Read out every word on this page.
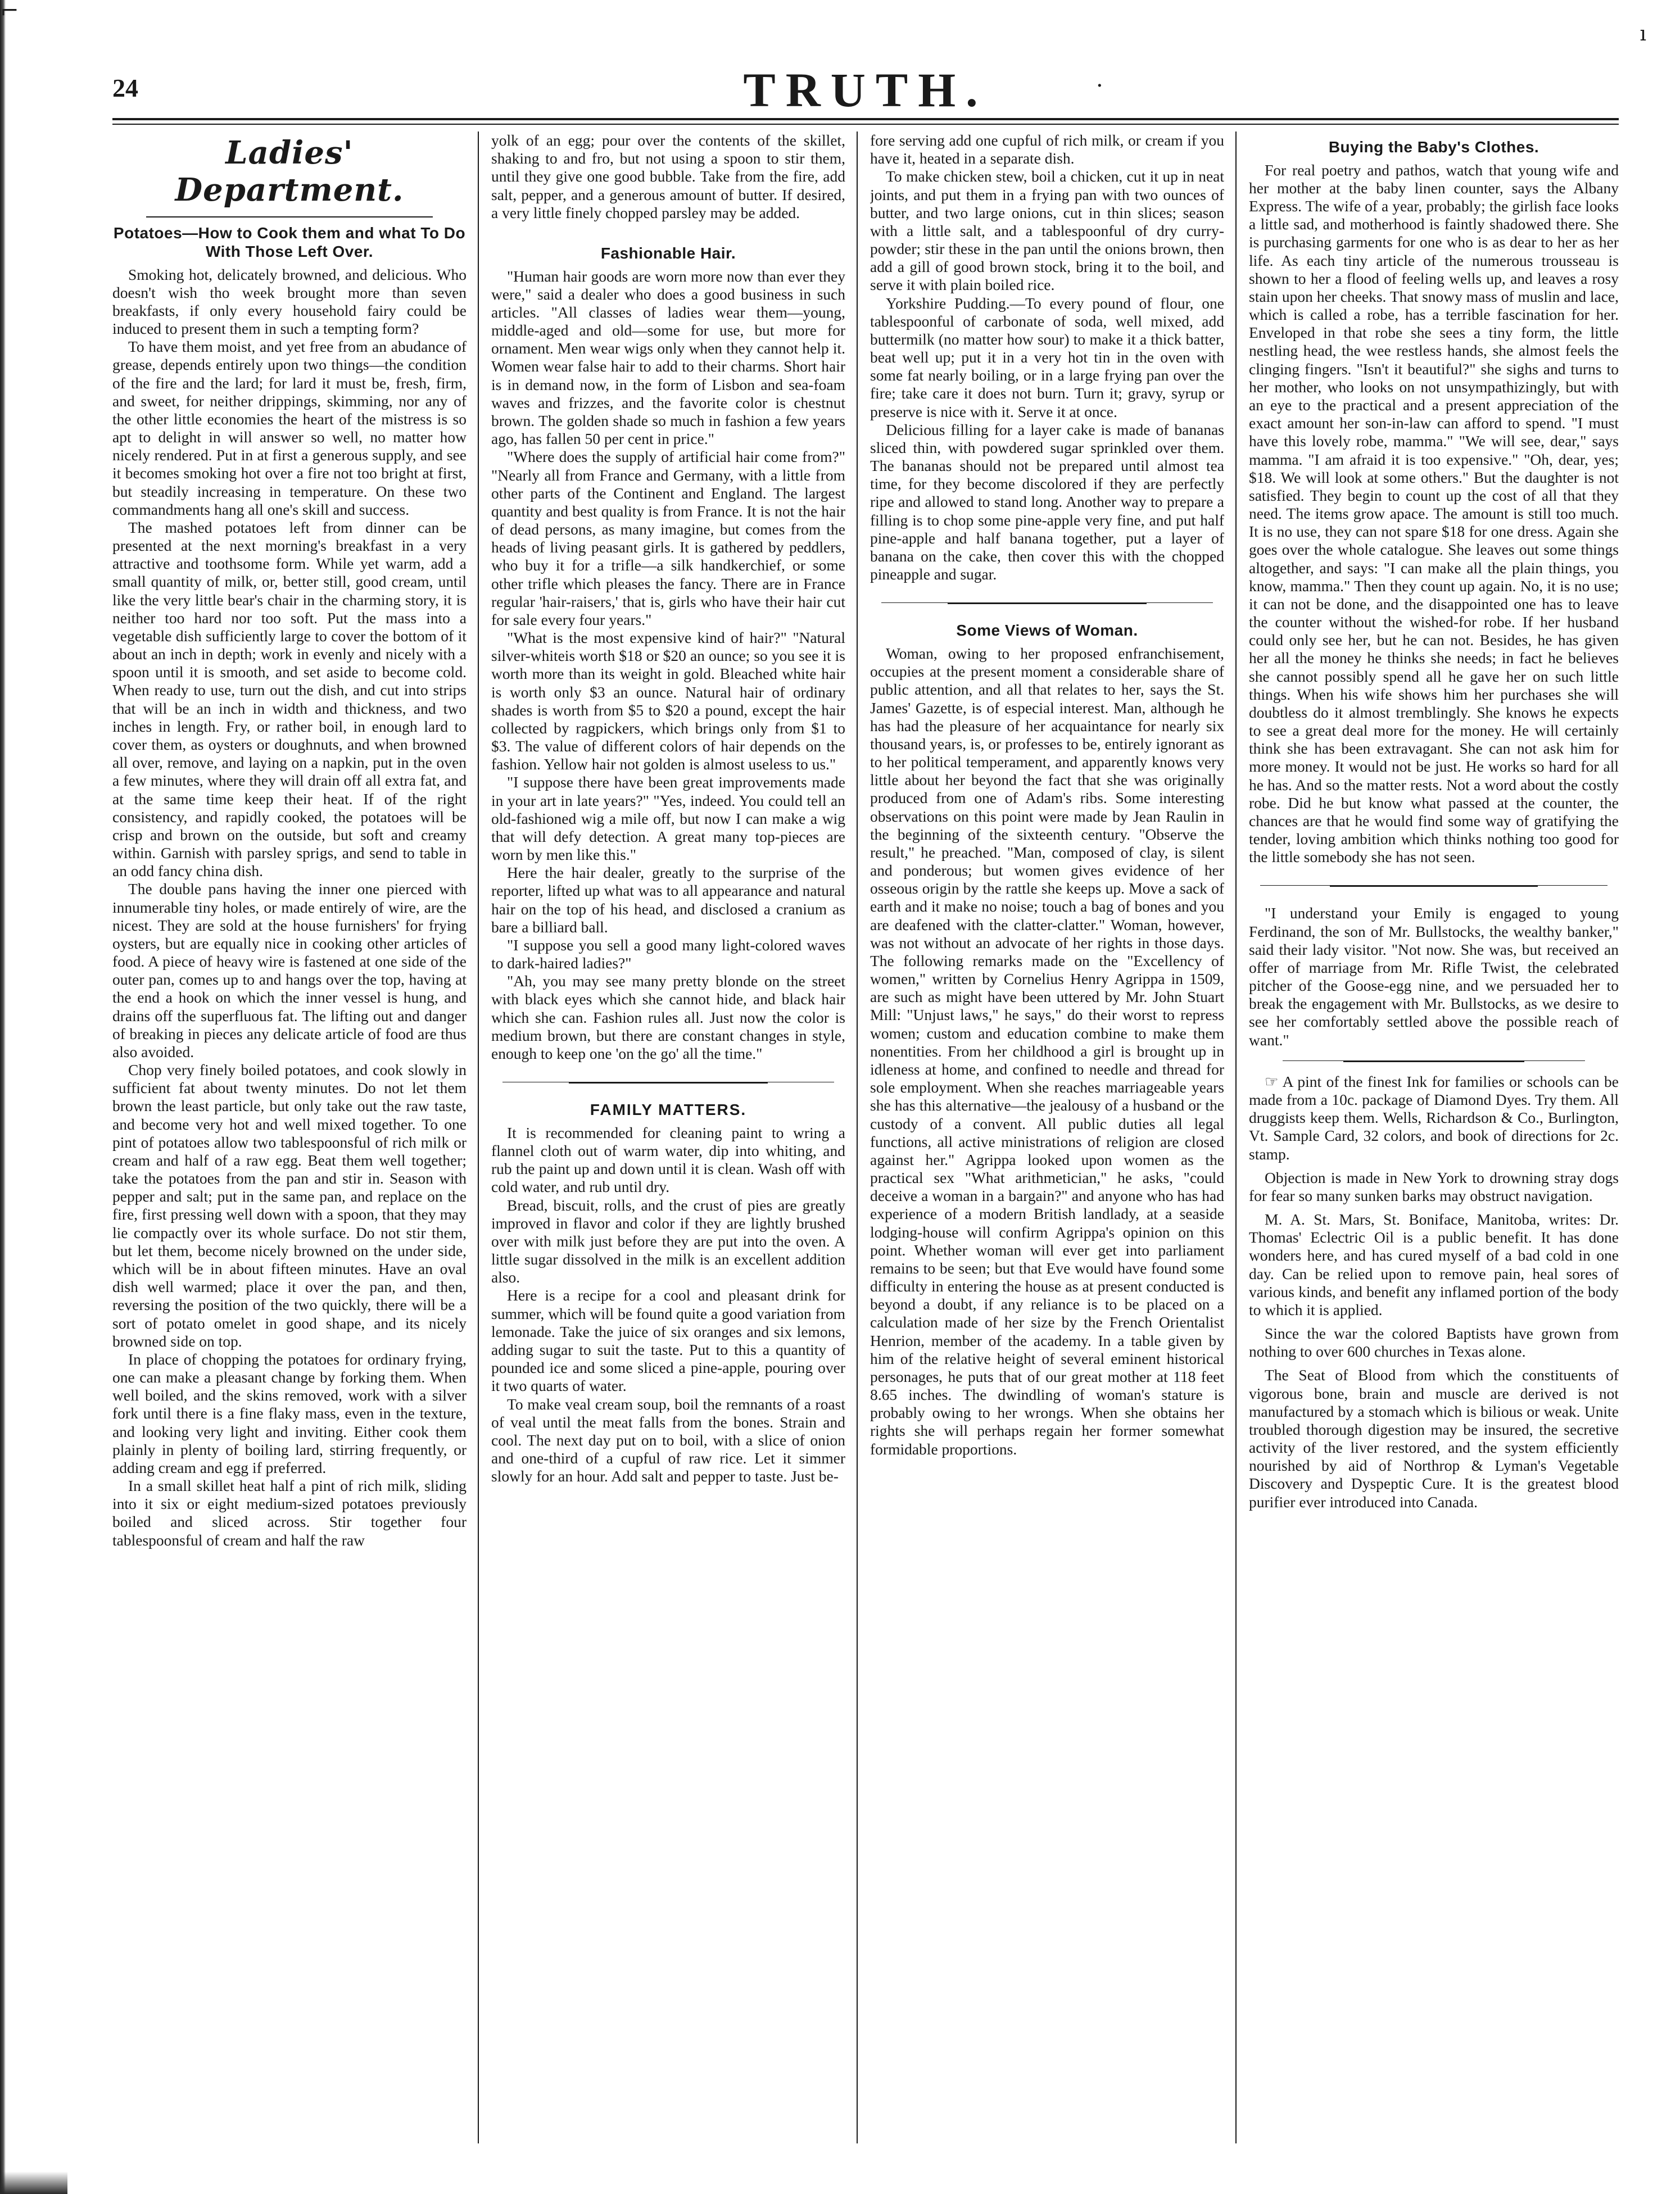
⌐
ı
24	TRUTH.	·
Ladies' Department.
Potatoes—How to Cook them and what To Do With Those Left Over.

Smoking hot, delicately browned, and delicious. Who doesn't wish tho week brought more than seven breakfasts, if only every household fairy could be induced to present them in such a tempting form?

To have them moist, and yet free from an abudance of grease, depends entirely upon two things—the condition of the fire and the lard; for lard it must be, fresh, firm, and sweet, for neither drippings, skimming, nor any of the other little economies the heart of the mistress is so apt to delight in will answer so well, no matter how nicely rendered. Put in at first a generous supply, and see it becomes smoking hot over a fire not too bright at first, but steadily increasing in temperature. On these two commandments hang all one's skill and success.

The mashed potatoes left from dinner can be presented at the next morning's breakfast in a very attractive and toothsome form. While yet warm, add a small quantity of milk, or, better still, good cream, until like the very little bear's chair in the charming story, it is neither too hard nor too soft. Put the mass into a vegetable dish sufficiently large to cover the bottom of it about an inch in depth; work in evenly and nicely with a spoon until it is smooth, and set aside to become cold. When ready to use, turn out the dish, and cut into strips that will be an inch in width and thickness, and two inches in length. Fry, or rather boil, in enough lard to cover them, as oysters or doughnuts, and when browned all over, remove, and laying on a napkin, put in the oven a few minutes, where they will drain off all extra fat, and at the same time keep their heat. If of the right consistency, and rapidly cooked, the potatoes will be crisp and brown on the outside, but soft and creamy within. Garnish with parsley sprigs, and send to table in an odd fancy china dish.

The double pans having the inner one pierced with innumerable tiny holes, or made entirely of wire, are the nicest. They are sold at the house furnishers' for frying oysters, but are equally nice in cooking other articles of food. A piece of heavy wire is fastened at one side of the outer pan, comes up to and hangs over the top, having at the end a hook on which the inner vessel is hung, and drains off the superfluous fat. The lifting out and danger of breaking in pieces any delicate article of food are thus also avoided.

Chop very finely boiled potatoes, and cook slowly in sufficient fat about twenty minutes. Do not let them brown the least particle, but only take out the raw taste, and become very hot and well mixed together. To one pint of potatoes allow two tablespoonsful of rich milk or cream and half of a raw egg. Beat them well together; take the potatoes from the pan and stir in. Season with pepper and salt; put in the same pan, and replace on the fire, first pressing well down with a spoon, that they may lie compactly over its whole surface. Do not stir them, but let them, become nicely browned on the under side, which will be in about fifteen minutes. Have an oval dish well warmed; place it over the pan, and then, reversing the position of the two quickly, there will be a sort of potato omelet in good shape, and its nicely browned side on top.

In place of chopping the potatoes for ordinary frying, one can make a pleasant change by forking them. When well boiled, and the skins removed, work with a silver fork until there is a fine flaky mass, even in the texture, and looking very light and inviting. Either cook them plainly in plenty of boiling lard, stirring frequently, or adding cream and egg if preferred.

In a small skillet heat half a pint of rich milk, sliding into it six or eight medium-sized potatoes previously boiled and sliced across. Stir together four tablespoonsful of cream and half the raw

yolk of an egg; pour over the contents of the skillet, shaking to and fro, but not using a spoon to stir them, until they give one good bubble. Take from the fire, add salt, pepper, and a generous amount of butter. If desired, a very little finely chopped parsley may be added.

Fashionable Hair.

"Human hair goods are worn more now than ever they were," said a dealer who does a good business in such articles. "All classes of ladies wear them—young, middle-aged and old—some for use, but more for ornament. Men wear wigs only when they cannot help it. Women wear false hair to add to their charms. Short hair is in demand now, in the form of Lisbon and sea-foam waves and frizzes, and the favorite color is chestnut brown. The golden shade so much in fashion a few years ago, has fallen 50 per cent in price."

"Where does the supply of artificial hair come from?" "Nearly all from France and Germany, with a little from other parts of the Continent and England. The largest quantity and best quality is from France. It is not the hair of dead persons, as many imagine, but comes from the heads of living peasant girls. It is gathered by peddlers, who buy it for a trifle—a silk handkerchief, or some other trifle which pleases the fancy. There are in France regular 'hair-raisers,' that is, girls who have their hair cut for sale every four years."

"What is the most expensive kind of hair?" "Natural silver-whiteis worth $18 or $20 an ounce; so you see it is worth more than its weight in gold. Bleached white hair is worth only $3 an ounce. Natural hair of ordinary shades is worth from $5 to $20 a pound, except the hair collected by ragpickers, which brings only from $1 to $3. The value of different colors of hair depends on the fashion. Yellow hair not golden is almost useless to us."

"I suppose there have been great improvements made in your art in late years?" "Yes, indeed. You could tell an old-fashioned wig a mile off, but now I can make a wig that will defy detection. A great many top-pieces are worn by men like this."

Here the hair dealer, greatly to the surprise of the reporter, lifted up what was to all appearance and natural hair on the top of his head, and disclosed a cranium as bare a billiard ball.

"I suppose you sell a good many light-colored waves to dark-haired ladies?"

"Ah, you may see many pretty blonde on the street with black eyes which she cannot hide, and black hair which she can. Fashion rules all. Just now the color is medium brown, but there are constant changes in style, enough to keep one 'on the go' all the time."

FAMILY MATTERS.

It is recommended for cleaning paint to wring a flannel cloth out of warm water, dip into whiting, and rub the paint up and down until it is clean. Wash off with cold water, and rub until dry.

Bread, biscuit, rolls, and the crust of pies are greatly improved in flavor and color if they are lightly brushed over with milk just before they are put into the oven. A little sugar dissolved in the milk is an excellent addition also.

Here is a recipe for a cool and pleasant drink for summer, which will be found quite a good variation from lemonade. Take the juice of six oranges and six lemons, adding sugar to suit the taste. Put to this a quantity of pounded ice and some sliced a pine-apple, pouring over it two quarts of water.

To make veal cream soup, boil the remnants of a roast of veal until the meat falls from the bones. Strain and cool. The next day put on to boil, with a slice of onion and one-third of a cupful of raw rice. Let it simmer slowly for an hour. Add salt and pepper to taste. Just be-

fore serving add one cupful of rich milk, or cream if you have it, heated in a separate dish.

To make chicken stew, boil a chicken, cut it up in neat joints, and put them in a frying pan with two ounces of butter, and two large onions, cut in thin slices; season with a little salt, and a tablespoonful of dry curry-powder; stir these in the pan until the onions brown, then add a gill of good brown stock, bring it to the boil, and serve it with plain boiled rice.

Yorkshire Pudding.—To every pound of flour, one tablespoonful of carbonate of soda, well mixed, add buttermilk (no matter how sour) to make it a thick batter, beat well up; put it in a very hot tin in the oven with some fat nearly boiling, or in a large frying pan over the fire; take care it does not burn. Turn it; gravy, syrup or preserve is nice with it. Serve it at once.

Delicious filling for a layer cake is made of bananas sliced thin, with powdered sugar sprinkled over them. The bananas should not be prepared until almost tea time, for they become discolored if they are perfectly ripe and allowed to stand long. Another way to prepare a filling is to chop some pine-apple very fine, and put half pine-apple and half banana together, put a layer of banana on the cake, then cover this with the chopped pineapple and sugar.

Some Views of Woman.

Woman, owing to her proposed enfranchisement, occupies at the present moment a considerable share of public attention, and all that relates to her, says the St. James' Gazette, is of especial interest. Man, although he has had the pleasure of her acquaintance for nearly six thousand years, is, or professes to be, entirely ignorant as to her political temperament, and apparently knows very little about her beyond the fact that she was originally produced from one of Adam's ribs. Some interesting observations on this point were made by Jean Raulin in the beginning of the sixteenth century. "Observe the result," he preached. "Man, composed of clay, is silent and ponderous; but women gives evidence of her osseous origin by the rattle she keeps up. Move a sack of earth and it make no noise; touch a bag of bones and you are deafened with the clatter-clatter." Woman, however, was not without an advocate of her rights in those days. The following remarks made on the "Excellency of women," written by Cornelius Henry Agrippa in 1509, are such as might have been uttered by Mr. John Stuart Mill: "Unjust laws," he says," do their worst to repress women; custom and education combine to make them nonentities. From her childhood a girl is brought up in idleness at home, and confined to needle and thread for sole employment. When she reaches marriageable years she has this alternative—the jealousy of a husband or the custody of a convent. All public duties all legal functions, all active ministrations of religion are closed against her." Agrippa looked upon women as the practical sex "What arithmetician," he asks, "could deceive a woman in a bargain?" and anyone who has had experience of a modern British landlady, at a seaside lodging-house will confirm Agrippa's opinion on this point. Whether woman will ever get into parliament remains to be seen; but that Eve would have found some difficulty in entering the house as at present conducted is beyond a doubt, if any reliance is to be placed on a calculation made of her size by the French Orientalist Henrion, member of the academy. In a table given by him of the relative height of several eminent historical personages, he puts that of our great mother at 118 feet 8.65 inches. The dwindling of woman's stature is probably owing to her wrongs. When she obtains her rights she will perhaps regain her former somewhat formidable proportions.

Buying the Baby's Clothes.

For real poetry and pathos, watch that young wife and her mother at the baby linen counter, says the Albany Express. The wife of a year, probably; the girlish face looks a little sad, and motherhood is faintly shadowed there. She is purchasing garments for one who is as dear to her as her life. As each tiny article of the numerous trousseau is shown to her a flood of feeling wells up, and leaves a rosy stain upon her cheeks. That snowy mass of muslin and lace, which is called a robe, has a terrible fascination for her. Enveloped in that robe she sees a tiny form, the little nestling head, the wee restless hands, she almost feels the clinging fingers. "Isn't it beautiful?" she sighs and turns to her mother, who looks on not unsympathizingly, but with an eye to the practical and a present appreciation of the exact amount her son-in-law can afford to spend. "I must have this lovely robe, mamma." "We will see, dear," says mamma. "I am afraid it is too expensive." "Oh, dear, yes; $18. We will look at some others." But the daughter is not satisfied. They begin to count up the cost of all that they need. The items grow apace. The amount is still too much. It is no use, they can not spare $18 for one dress. Again she goes over the whole catalogue. She leaves out some things altogether, and says: "I can make all the plain things, you know, mamma." Then they count up again. No, it is no use; it can not be done, and the disappointed one has to leave the counter without the wished-for robe. If her husband could only see her, but he can not. Besides, he has given her all the money he thinks she needs; in fact he believes she cannot possibly spend all he gave her on such little things. When his wife shows him her purchases she will doubtless do it almost tremblingly. She knows he expects to see a great deal more for the money. He will certainly think she has been extravagant. She can not ask him for more money. It would not be just. He works so hard for all he has. And so the matter rests. Not a word about the costly robe. Did he but know what passed at the counter, the chances are that he would find some way of gratifying the tender, loving ambition which thinks nothing too good for the little somebody she has not seen.

"I understand your Emily is engaged to young Ferdinand, the son of Mr. Bullstocks, the wealthy banker," said their lady visitor. "Not now. She was, but received an offer of marriage from Mr. Rifle Twist, the celebrated pitcher of the Goose-egg nine, and we persuaded her to break the engagement with Mr. Bullstocks, as we desire to see her comfortably settled above the possible reach of want."

☞ A pint of the finest Ink for families or schools can be made from a 10c. package of Diamond Dyes. Try them. All druggists keep them. Wells, Richardson & Co., Burlington, Vt. Sample Card, 32 colors, and book of directions for 2c. stamp.

Objection is made in New York to drowning stray dogs for fear so many sunken barks may obstruct navigation.

M. A. St. Mars, St. Boniface, Manitoba, writes: Dr. Thomas' Eclectric Oil is a public benefit. It has done wonders here, and has cured myself of a bad cold in one day. Can be relied upon to remove pain, heal sores of various kinds, and benefit any inflamed portion of the body to which it is applied.

Since the war the colored Baptists have grown from nothing to over 600 churches in Texas alone.

The Seat of Blood from which the constituents of vigorous bone, brain and muscle are derived is not manufactured by a stomach which is bilious or weak. Unite troubled thorough digestion may be insured, the secretive activity of the liver restored, and the system efficiently nourished by aid of Northrop & Lyman's Vegetable Discovery and Dyspeptic Cure. It is the greatest blood purifier ever introduced into Canada.
